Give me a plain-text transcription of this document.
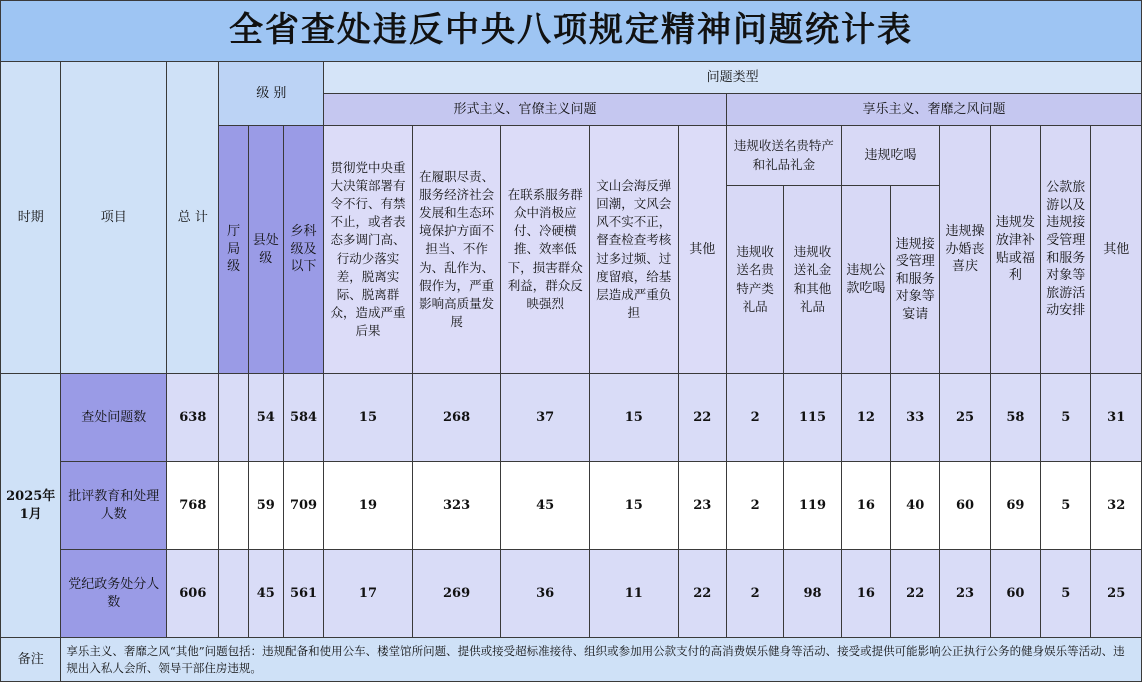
全省查处违反中央八项规定精神问题统计表																		
时期	项目	总 计	级 别			问题类型												
						形式主义、官僚主义问题					享乐主义、奢靡之风问题							
			厅局级	县处级	乡科级及以下	贯彻党中央重大决策部署有令不行、有禁不止，或者表态多调门高、行动少落实差，脱离实际、脱离群众，造成严重后果	在履职尽责、服务经济社会发展和生态环境保护方面不担当、不作为、乱作为、假作为，严重影响高质量发展	在联系服务群众中消极应付、冷硬横推、效率低下，损害群众利益，群众反映强烈	文山会海反弹回潮，文风会风不实不正，督查检查考核过多过频、过度留痕，给基层造成严重负担	其他	违规收送名贵特产和礼品礼金		违规吃喝		违规操办婚丧喜庆	违规发放津补贴或福利	公款旅游以及违规接受管理和服务对象等旅游活动安排	其他
											违规收送名贵特产类礼品	违规收送礼金和其他礼品	违规公款吃喝	违规接受管理和服务对象等宴请				
2025年1月	查处问题数	638		54	584	15	268	37	15	22	2	115	12	33	25	58	5	31
	批评教育和处理人数	768		59	709	19	323	45	15	23	2	119	16	40	60	69	5	32
	党纪政务处分人数	606		45	561	17	269	36	11	22	2	98	16	22	23	60	5	25
备注	享乐主义、奢靡之风“其他”问题包括：违规配备和使用公车、楼堂馆所问题、提供或接受超标准接待、组织或参加用公款支付的高消费娱乐健身等活动、接受或提供可能影响公正执行公务的健身娱乐等活动、违规出入私人会所、领导干部住房违规。																	
